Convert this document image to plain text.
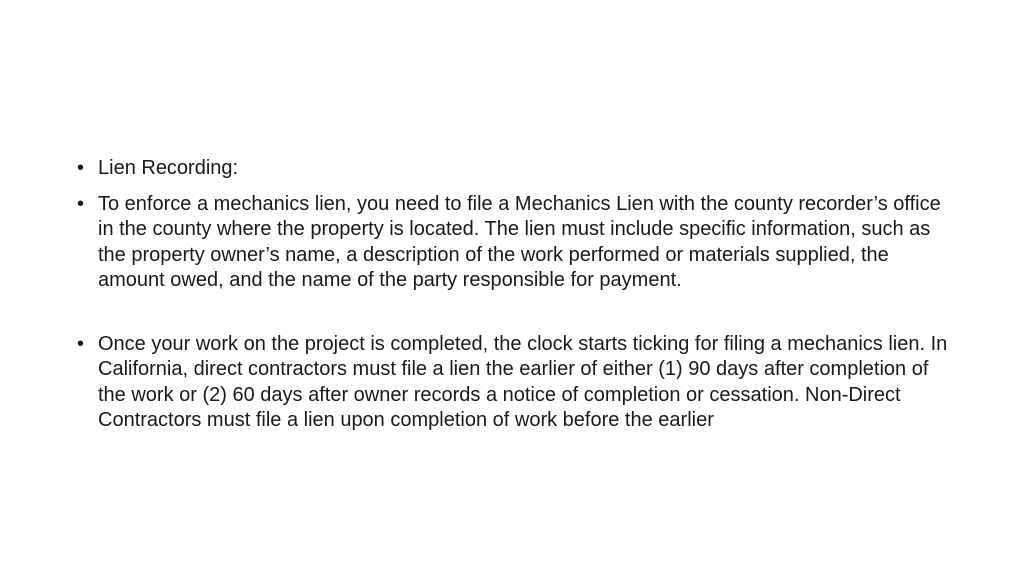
• Lien Recording:
• To enforce a mechanics lien, you need to file a Mechanics Lien with the county recorder’s office in the county where the property is located. The lien must include specific information, such as the property owner’s name, a description of the work performed or materials supplied, the amount owed, and the name of the party responsible for payment.
• Once your work on the project is completed, the clock starts ticking for filing a mechanics lien. In California, direct contractors must file a lien the earlier of either (1) 90 days after completion of the work or (2) 60 days after owner records a notice of completion or cessation. Non-Direct Contractors must file a lien upon completion of work before the earlier
